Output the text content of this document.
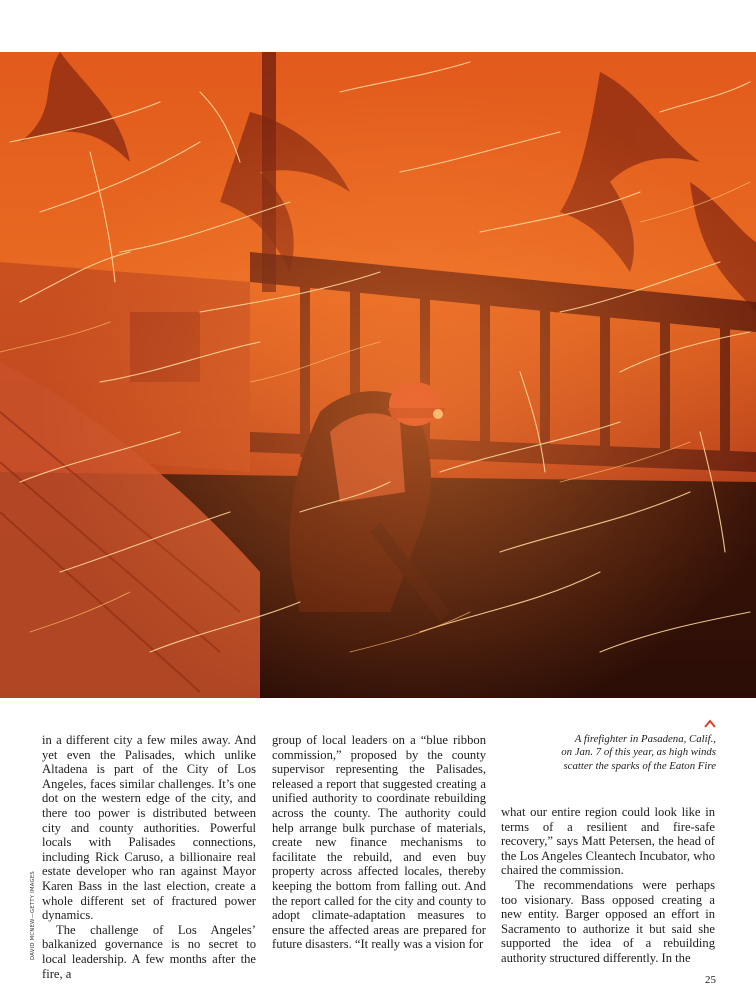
A firefighter in Pasadena, Calif.,
on Jan. 7 of this year, as high winds
scatter the sparks of the Eaton Fire
DAVID MCNEW—GETTY IMAGES

in a different city a few miles away. And yet even the Palisades, which unlike Altadena is part of the City of Los Angeles, faces similar challenges. It’s one dot on the western edge of the city, and there too power is distributed between city and county authorities. Powerful locals with Palisades connections, including Rick Caruso, a billionaire real estate developer who ran against Mayor Karen Bass in the last election, create a whole different set of fractured power dynamics.

The challenge of Los Angeles’ balkanized governance is no secret to local leadership. A few months after the fire, a

group of local leaders on a “blue ribbon commission,” proposed by the county supervisor representing the Palisades, released a report that suggested creating a unified authority to coordinate rebuilding across the county. The authority could help arrange bulk purchase of materials, create new finance mechanisms to facilitate the rebuild, and even buy property across affected locales, thereby keeping the bottom from falling out. And the report called for the city and county to adopt climate-adaptation measures to ensure the affected areas are prepared for future disasters. “It really was a vision for

what our entire region could look like in terms of a resilient and fire-safe recovery,” says Matt Petersen, the head of the Los Angeles Cleantech Incubator, who chaired the commission.

The recommendations were perhaps too visionary. Bass opposed creating a new entity. Barger opposed an effort in Sacramento to authorize it but said she supported the idea of a rebuilding authority structured differently. In the

25
